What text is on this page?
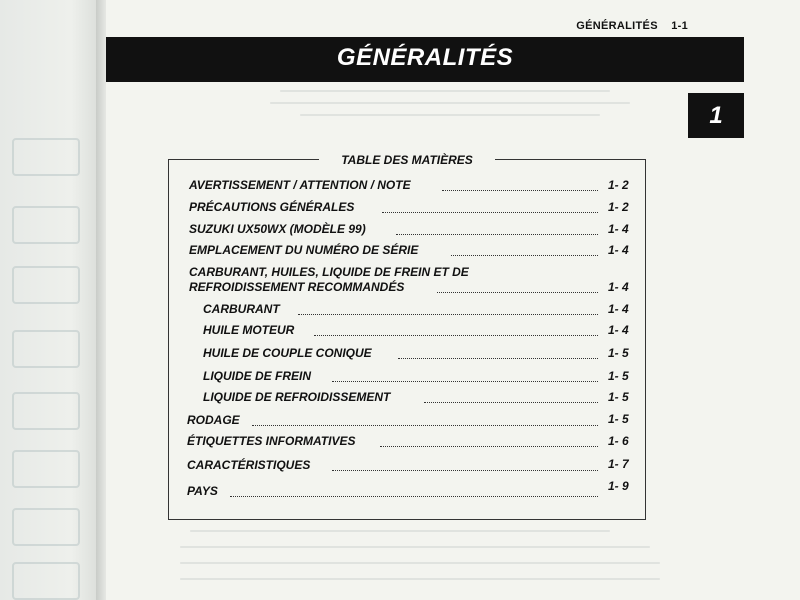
GÉNÉRALITÉS 1-1
GÉNÉRALITÉS
1
TABLE DES MATIÈRES
AVERTISSEMENT / ATTENTION / NOTE	1- 2
PRÉCAUTIONS GÉNÉRALES	1- 2
SUZUKI UX50WX (MODÈLE 99)	1- 4
EMPLACEMENT DU NUMÉRO DE SÉRIE	1- 4
CARBURANT, HUILES, LIQUIDE DE FREIN ET DE
REFROIDISSEMENT RECOMMANDÉS	1- 4
CARBURANT	1- 4
HUILE MOTEUR	1- 4
HUILE DE COUPLE CONIQUE	1- 5
LIQUIDE DE FREIN	1- 5
LIQUIDE DE REFROIDISSEMENT	1- 5
RODAGE	1- 5
ÉTIQUETTES INFORMATIVES	1- 6
CARACTÉRISTIQUES	1- 7
PAYS	1- 9
